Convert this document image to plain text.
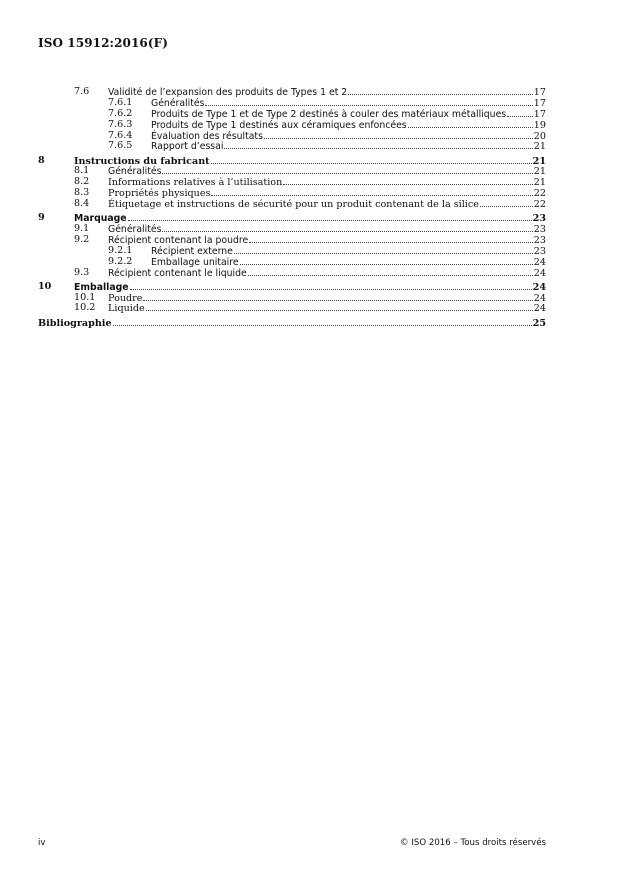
ISO 15912:2016(F)
7.6 Validité de l’expansion des produits de Types 1 et 2	17
7.6.1 Généralités	17
7.6.2 Produits de Type 1 et de Type 2 destinés à couler des matériaux métalliques	17
7.6.3 Produits de Type 1 destinés aux céramiques enfoncées	19
7.6.4 Évaluation des résultats	20
7.6.5 Rapport d’essai	21
8	Instructions du fabricant	21
8.1 Généralités	21
8.2 Informations relatives à l’utilisation	21
8.3 Propriétés physiques	22
8.4 Étiquetage et instructions de sécurité pour un produit contenant de la silice	22
9	Marquage	23
9.1 Généralités	23
9.2 Récipient contenant la poudre	23
9.2.1 Récipient externe	23
9.2.2 Emballage unitaire	24
9.3 Récipient contenant le liquide	24
10 Emballage	24
10.1 Poudre	24
10.2 Liquide	24
Bibliographie	25
iv	© ISO 2016 – Tous droits réservés
